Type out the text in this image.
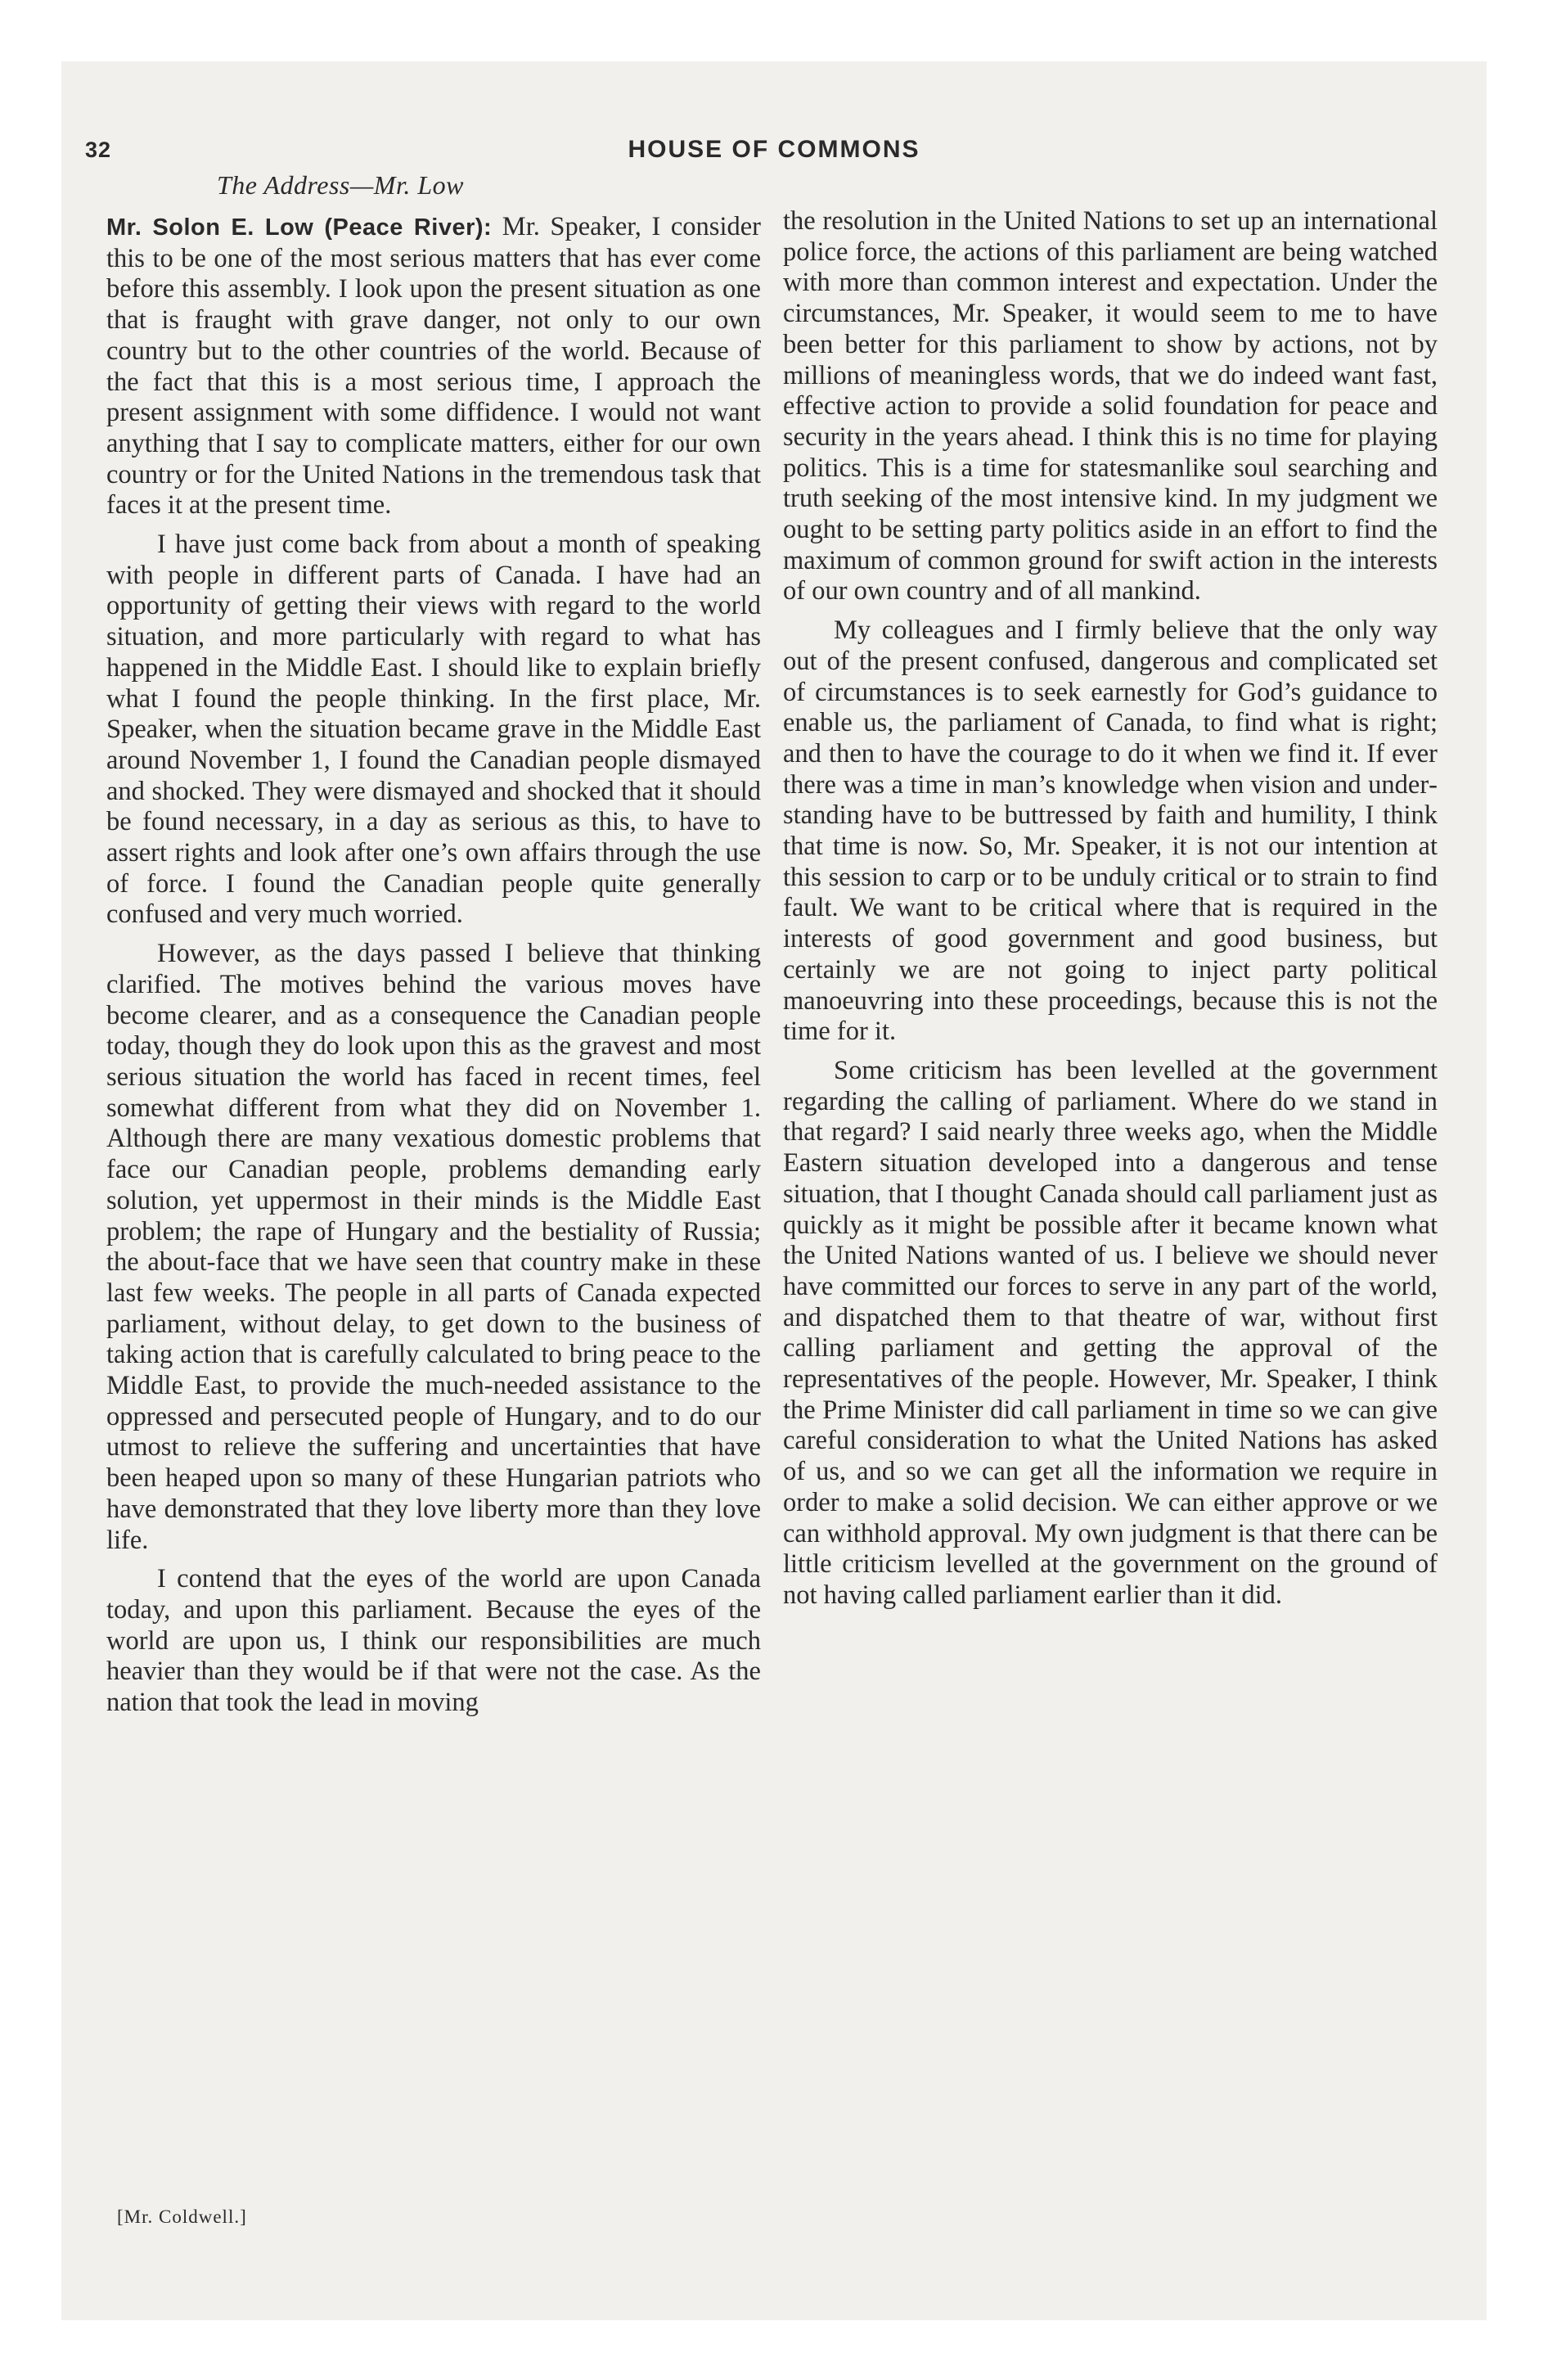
32	HOUSE OF COMMONS
The Address—Mr. Low

Mr. Solon E. Low (Peace River): Mr. Speaker, I consider this to be one of the most serious matters that has ever come before this assembly. I look upon the present situation as one that is fraught with grave danger, not only to our own country but to the other countries of the world. Because of the fact that this is a most serious time, I approach the present assignment with some diffidence. I would not want anything that I say to complicate matters, either for our own country or for the United Nations in the tremendous task that faces it at the present time.

I have just come back from about a month of speaking with people in different parts of Canada. I have had an opportunity of getting their views with regard to the world situation, and more particularly with regard to what has happened in the Middle East. I should like to explain briefly what I found the people thinking. In the first place, Mr. Speaker, when the situation became grave in the Middle East around November 1, I found the Canadian people dismayed and shocked. They were dismayed and shocked that it should be found necessary, in a day as serious as this, to have to assert rights and look after one’s own affairs through the use of force. I found the Canadian people quite generally confused and very much worried.

However, as the days passed I believe that thinking clarified. The motives behind the various moves have become clearer, and as a consequence the Canadian people today, though they do look upon this as the gravest and most serious situation the world has faced in recent times, feel somewhat different from what they did on November 1. Although there are many vexatious domestic problems that face our Canadian people, problems demanding early solution, yet uppermost in their minds is the Middle East problem; the rape of Hungary and the bestiality of Russia; the about-face that we have seen that country make in these last few weeks. The people in all parts of Canada expected parliament, without delay, to get down to the business of taking action that is carefully calculated to bring peace to the Middle East, to provide the much-needed assistance to the oppressed and persecuted people of Hungary, and to do our utmost to relieve the suffering and uncertainties that have been heaped upon so many of these Hungarian patriots who have demonstrated that they love liberty more than they love life.

I contend that the eyes of the world are upon Canada today, and upon this parliament. Because the eyes of the world are upon us, I think our responsibilities are much heavier than they would be if that were not the case. As the nation that took the lead in moving

the resolution in the United Nations to set up an international police force, the actions of this parliament are being watched with more than common interest and expectation. Under the circumstances, Mr. Speaker, it would seem to me to have been better for this parliament to show by actions, not by millions of meaningless words, that we do indeed want fast, effective action to provide a solid foundation for peace and security in the years ahead. I think this is no time for playing politics. This is a time for statesmanlike soul searching and truth seeking of the most intensive kind. In my judgment we ought to be setting party politics aside in an effort to find the maximum of common ground for swift action in the interests of our own country and of all mankind.

My colleagues and I firmly believe that the only way out of the present confused, dangerous and complicated set of circumstances is to seek earnestly for God’s guidance to enable us, the parliament of Canada, to find what is right; and then to have the courage to do it when we find it. If ever there was a time in man’s knowledge when vision and understanding have to be buttressed by faith and humility, I think that time is now. So, Mr. Speaker, it is not our intention at this session to carp or to be unduly critical or to strain to find fault. We want to be critical where that is required in the interests of good government and good business, but certainly we are not going to inject party political manoeuvring into these proceedings, because this is not the time for it.

Some criticism has been levelled at the government regarding the calling of parliament. Where do we stand in that regard? I said nearly three weeks ago, when the Middle Eastern situation developed into a dangerous and tense situation, that I thought Canada should call parliament just as quickly as it might be possible after it became known what the United Nations wanted of us. I believe we should never have committed our forces to serve in any part of the world, and dispatched them to that theatre of war, without first calling parliament and getting the approval of the representatives of the people. However, Mr. Speaker, I think the Prime Minister did call parliament in time so we can give careful consideration to what the United Nations has asked of us, and so we can get all the information we require in order to make a solid decision. We can either approve or we can withhold approval. My own judgment is that there can be little criticism levelled at the government on the ground of not having called parliament earlier than it did.

[Mr. Coldwell.]
